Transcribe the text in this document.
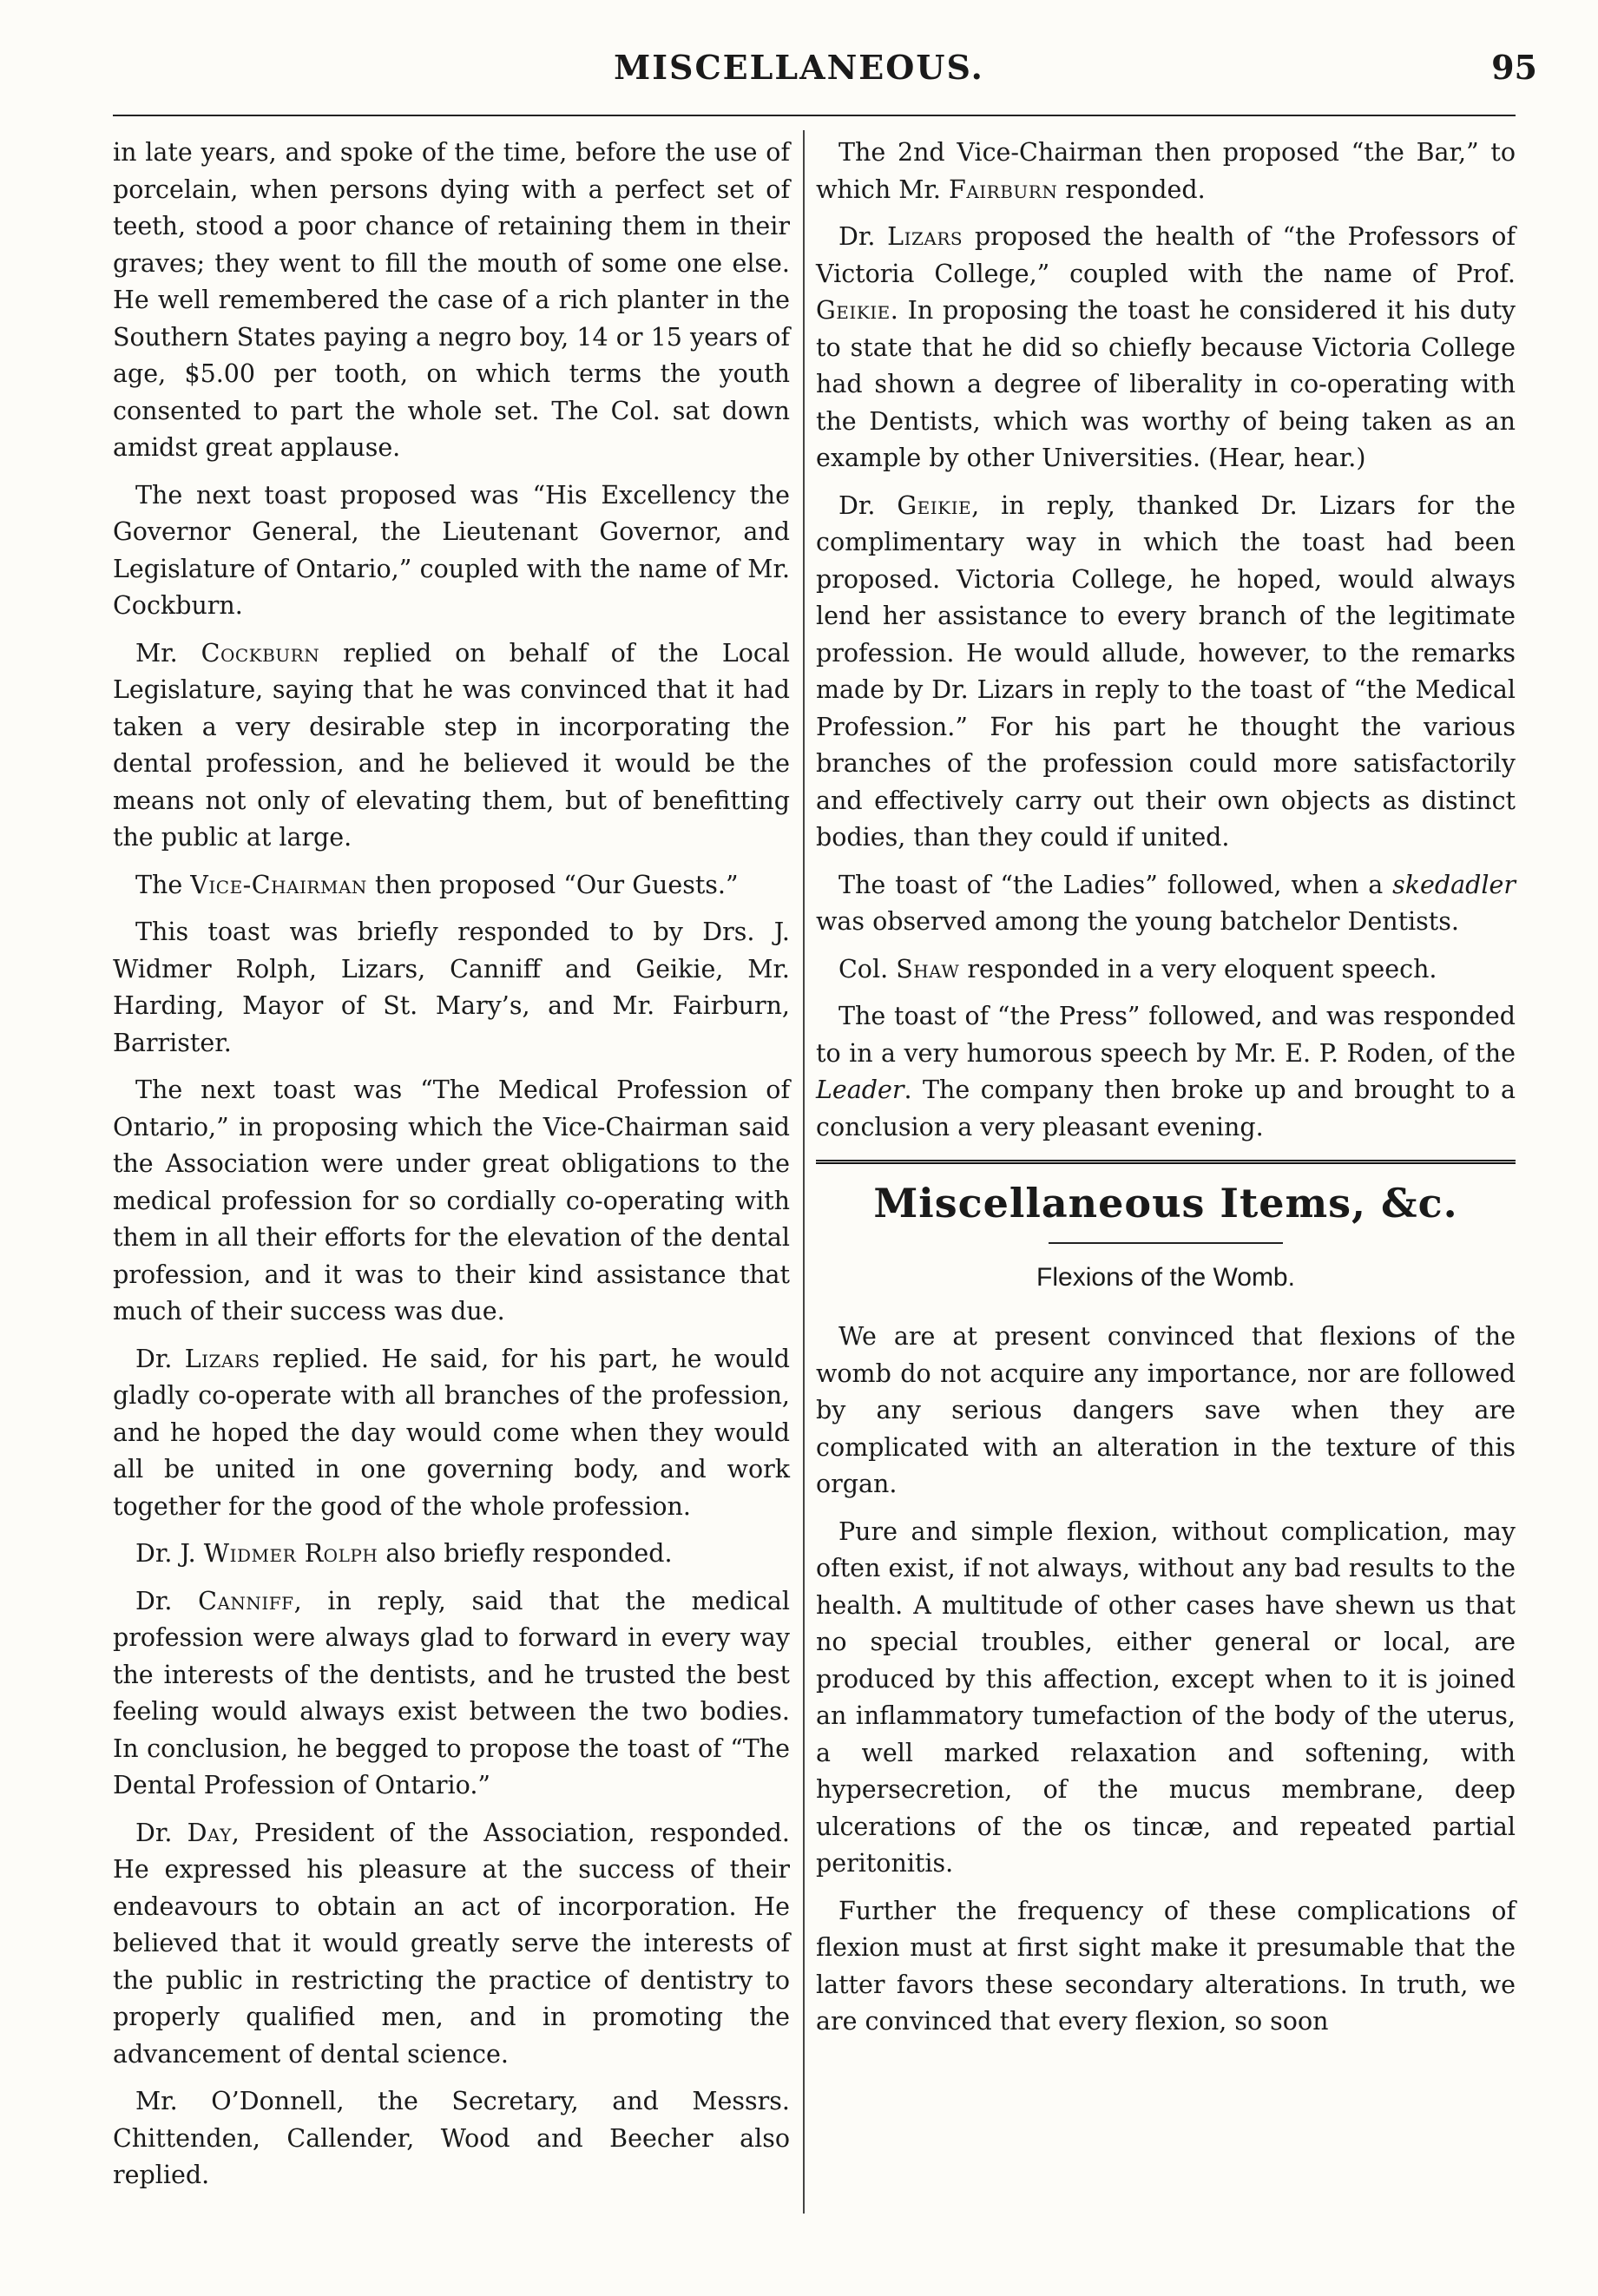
MISCELLANEOUS.	95

in late years, and spoke of the time, before the use of porcelain, when persons dying with a perfect set of teeth, stood a poor chance of retaining them in their graves; they went to fill the mouth of some one else. He well remembered the case of a rich planter in the Southern States paying a negro boy, 14 or 15 years of age, $5.00 per tooth, on which terms the youth consented to part the whole set. The Col. sat down amidst great applause.

The next toast proposed was “His Excellency the Governor General, the Lieutenant Governor, and Legislature of Ontario,” coupled with the name of Mr. Cockburn.

Mr. Cockburn replied on behalf of the Local Legislature, saying that he was convinced that it had taken a very desirable step in incorporating the dental profession, and he believed it would be the means not only of elevating them, but of benefitting the public at large.

The Vice-Chairman then proposed “Our Guests.”

This toast was briefly responded to by Drs. J. Widmer Rolph, Lizars, Canniff and Geikie, Mr. Harding, Mayor of St. Mary’s, and Mr. Fairburn, Barrister.

The next toast was “The Medical Profession of Ontario,” in proposing which the Vice-Chairman said the Association were under great obligations to the medical profession for so cordially co-operating with them in all their efforts for the elevation of the dental profession, and it was to their kind assistance that much of their success was due.

Dr. Lizars replied. He said, for his part, he would gladly co-operate with all branches of the profession, and he hoped the day would come when they would all be united in one governing body, and work together for the good of the whole profession.

Dr. J. Widmer Rolph also briefly responded.

Dr. Canniff, in reply, said that the medical profession were always glad to forward in every way the interests of the dentists, and he trusted the best feeling would always exist between the two bodies. In conclusion, he begged to propose the toast of “The Dental Profession of Ontario.”

Dr. Day, President of the Association, responded. He expressed his pleasure at the success of their endeavours to obtain an act of incorporation. He believed that it would greatly serve the interests of the public in restricting the practice of dentistry to properly qualified men, and in promoting the advancement of dental science.

Mr. O’Donnell, the Secretary, and Messrs. Chittenden, Callender, Wood and Beecher also replied.

The 2nd Vice-Chairman then proposed “the Bar,” to which Mr. Fairburn responded.

Dr. Lizars proposed the health of “the Professors of Victoria College,” coupled with the name of Prof. Geikie. In proposing the toast he considered it his duty to state that he did so chiefly because Victoria College had shown a degree of liberality in co-operating with the Dentists, which was worthy of being taken as an example by other Universities. (Hear, hear.)

Dr. Geikie, in reply, thanked Dr. Lizars for the complimentary way in which the toast had been proposed. Victoria College, he hoped, would always lend her assistance to every branch of the legitimate profession. He would allude, however, to the remarks made by Dr. Lizars in reply to the toast of “the Medical Profession.” For his part he thought the various branches of the profession could more satisfactorily and effectively carry out their own objects as distinct bodies, than they could if united.

The toast of “the Ladies” followed, when a skedadler was observed among the young batchelor Dentists.

Col. Shaw responded in a very eloquent speech.

The toast of “the Press” followed, and was responded to in a very humorous speech by Mr. E. P. Roden, of the Leader. The company then broke up and brought to a conclusion a very pleasant evening.

Miscellaneous Items, &c.
Flexions of the Womb.

We are at present convinced that flexions of the womb do not acquire any importance, nor are followed by any serious dangers save when they are complicated with an alteration in the texture of this organ.

Pure and simple flexion, without complication, may often exist, if not always, without any bad results to the health. A multitude of other cases have shewn us that no special troubles, either general or local, are produced by this affection, except when to it is joined an inflammatory tumefaction of the body of the uterus, a well marked relaxation and softening, with hypersecretion, of the mucus membrane, deep ulcerations of the os tincæ, and repeated partial peritonitis.

Further the frequency of these complications of flexion must at first sight make it presumable that the latter favors these secondary alterations. In truth, we are convinced that every flexion, so soon
